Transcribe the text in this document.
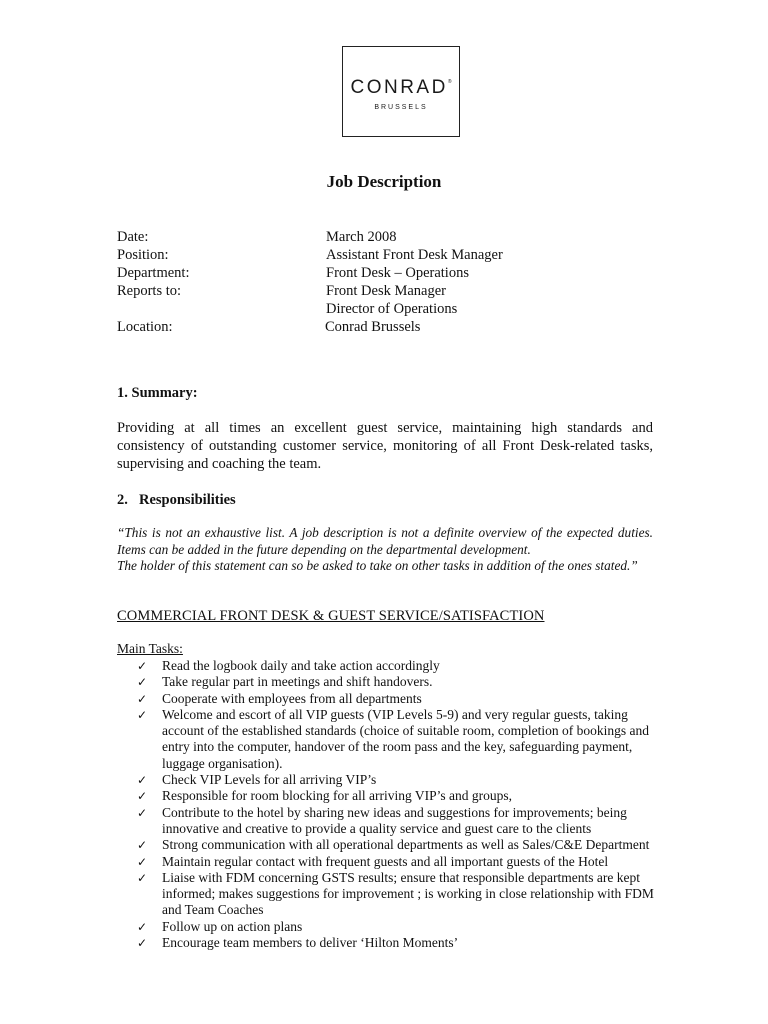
CONRAD®
BRUSSELS
Job Description
Date:	March 2008
Position:	Assistant Front Desk Manager
Department:	Front Desk – Operations
Reports to:	Front Desk Manager
Director of Operations
Location:	Conrad Brussels
1. Summary:
Providing at all times an excellent guest service, maintaining high standards and consistency of outstanding customer service, monitoring of all Front Desk-related tasks, supervising and coaching the team.
2. Responsibilities

“This is not an exhaustive list. A job description is not a definite overview of the expected duties. Items can be added in the future depending on the departmental development.

The holder of this statement can so be asked to take on other tasks in addition of the ones stated.”

COMMERCIAL FRONT DESK & GUEST SERVICE/SATISFACTION
Main Tasks:
✓ Read the logbook daily and take action accordingly
✓ Take regular part in meetings and shift handovers.
✓ Cooperate with employees from all departments
✓ Welcome and escort of all VIP guests (VIP Levels 5-9) and very regular guests, taking account of the established standards (choice of suitable room, completion of bookings and entry into the computer, handover of the room pass and the key, safeguarding payment, luggage organisation).
✓ Check VIP Levels for all arriving VIP’s
✓ Responsible for room blocking for all arriving VIP’s and groups,
✓ Contribute to the hotel by sharing new ideas and suggestions for improvements; being innovative and creative to provide a quality service and guest care to the clients
✓ Strong communication with all operational departments as well as Sales/C&E Department
✓ Maintain regular contact with frequent guests and all important guests of the Hotel
✓ Liaise with FDM concerning GSTS results; ensure that responsible departments are kept informed; makes suggestions for improvement ; is working in close relationship with FDM and Team Coaches
✓ Follow up on action plans
✓ Encourage team members to deliver ‘Hilton Moments’
